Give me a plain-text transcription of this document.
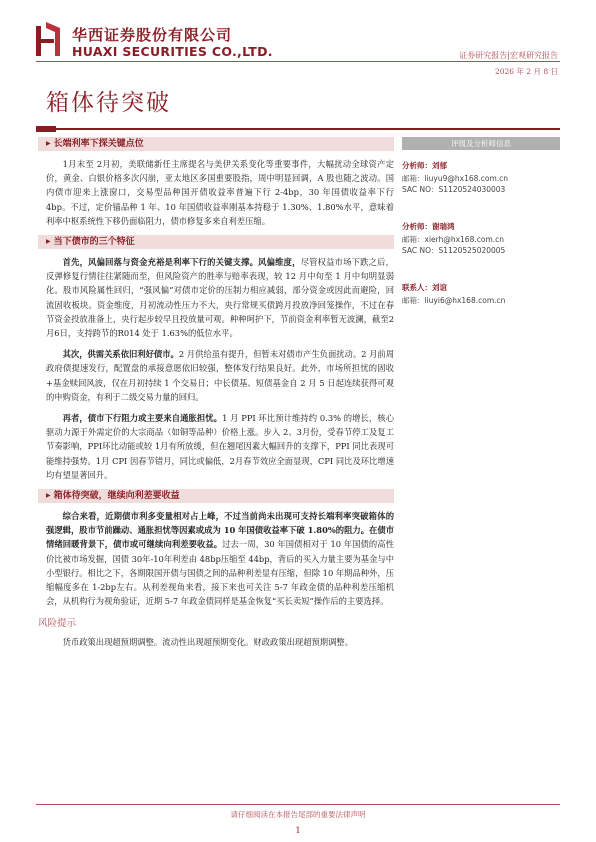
华西证券股份有限公司
HUAXI SECURITIES CO.,LTD.	证券研究报告|宏观研究报告
2026 年 2 月 8 日
箱体待突破
▶ 长端利率下探关键点位

1月末至 2月初，美联储新任主席提名与美伊关系变化等重要事件，大幅扰动全球资产定价，黄金、白银价格多次闪崩，亚太地区多国重要股指，周中明显回调，A 股也随之波动。国内债市迎来上涨窗口，交易型品种国开债收益率普遍下行 2-4bp，30 年国债收益率下行 4bp。不过，定价锚品种 1 年、10 年国债收益率刚基本持稳于 1.30%、1.80%水平，意味着利率中枢系统性下移仍面临阻力，债市修复多来自利差压缩。

▶ 当下债市的三个特征

首先，风偏回落与资金充裕是利率下行的关键支撑。风偏维度，尽管权益市场下跌之后，反弹修复行情往往紧随而至，但风险资产的胜率与赔率表现，较 12 月中旬至 1 月中旬明显弱化。股市风险属性回归，“强风偏”对债市定价的压制力相应减弱，部分资金或因此而避险，回流固收板块。资金维度，月初流动性压力不大，央行常规买债跨月投放净回笼操作，不过在春节资金投放准备上，央行起步较早且投放量可观。种种呵护下，节前资金利率暂无波澜，截至2月6日，支持跨节的R014 处于 1.63%的低位水平。

其次，供需关系依旧利好债市。2 月供给虽有提升，但暂未对债市产生负面扰动。2 月前周政府债提速发行，配置盘的承接意愿依旧较强，整体发行结果良好。此外，市场所担忧的固收+基金赎回风波，仅在月初持续 1 个交易日；中长债基、短债基金自 2 月 5 日起连续获得可观的申购资金，有利于二级交易力量的回归。

再者，债市下行阻力或主要来自通胀担忧。1 月 PPI 环比预计维持约 0.3% 的增长，核心驱动力源于外需定价的大宗商品（如铜等品种）价格上涨。步入 2、3月份，受春节停工及复工节奏影响，PPI环比动能或较 1月有所放缓，但在翘尾因素大幅回升的支撑下，PPI 同比表现可能维持强势。1月 CPI 因春节错月，同比或偏低，2月春节效应全面显现，CPI 同比及环比增速均有望显著回升。

▶ 箱体待突破，继续向利差要收益

综合来看，近期债市利多变量相对占上峰，不过当前尚未出现可支持长端利率突破箱体的强逻辑，股市节前躁动、通胀担忧等因素或成为 10 年国债收益率下破 1.80%的阻力。在债市情绪回暖背景下，债市或可继续向利差要收益。过去一周，30 年国债相对于 10 年国债的高性价比被市场发掘，国债 30年-10年利差由 48bp压缩至 44bp，背后的买入力量主要为基金与中小型银行。相比之下，各期限国开债与国债之间的品种利差显有压缩，但除 10 年期品种外，压缩幅度多在 1-2bp左右。从利差视角来看，接下来也可关注 5-7 年政金债的品种利差压缩机会，从机构行为视角验证，近期 5-7 年政金债同样是基金恢复“买长卖短”操作后的主要选择。

风险提示

货币政策出现超预期调整。流动性出现超预期变化。财政政策出现超预期调整。

评级及分析师信息
分析师：刘郁
邮箱：liuyu9@hx168.com.cn
SAC NO：S1120524030003
分析师：谢瑞鸿
邮箱：xierh@hx168.com.cn
SAC NO：S1120525020005
联系人：刘谊
邮箱：liuyi6@hx168.com.cn
请仔细阅读在本报告尾部的重要法律声明
1
